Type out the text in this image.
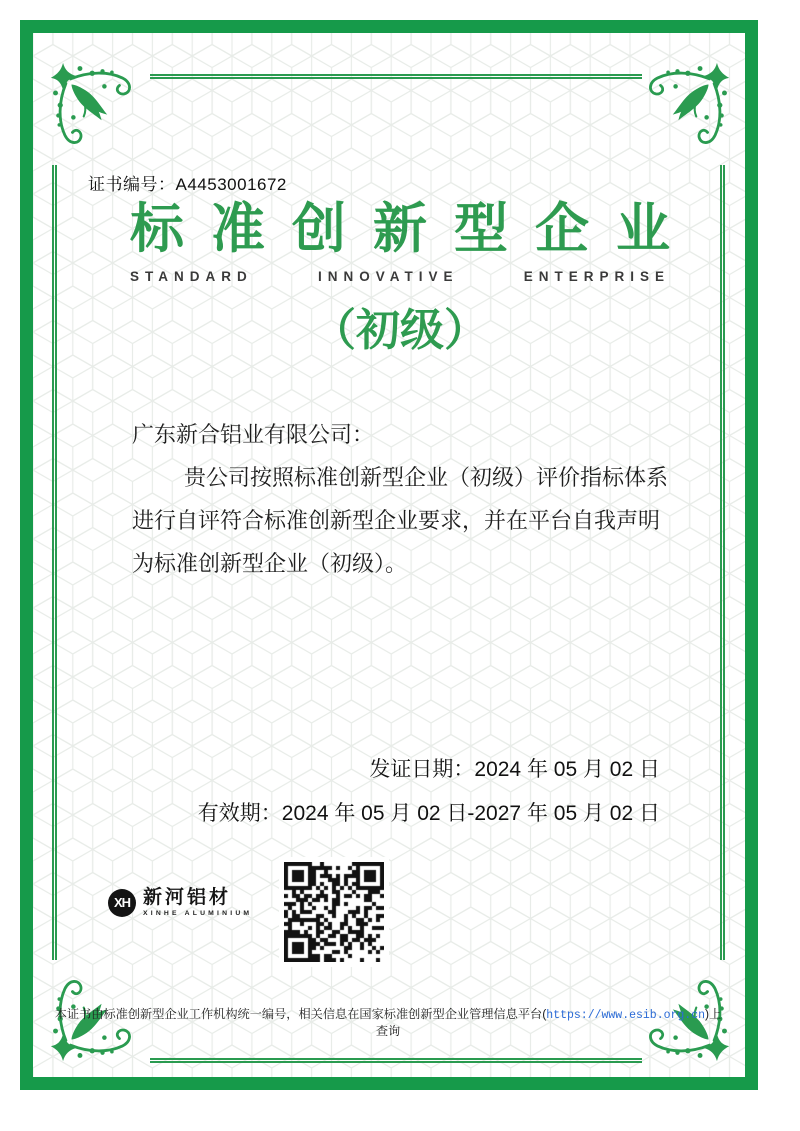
证书编号：A4453001672
标 准 创 新 型 企 业
STANDARD	INNOVATIVE	ENTERPRISE
（初级）
广东新合铝业有限公司：
贵公司按照标准创新型企业（初级）评价指标体系
进行自评符合标准创新型企业要求，并在平台自我声明
为标准创新型企业（初级）。
发证日期：2024 年 05 月 02 日
有效期：2024 年 05 月 02 日-2027 年 05 月 02 日
XH 新河铝材
XINHE ALUMINIUM
本证书由标准创新型企业工作机构统一编号，相关信息在国家标准创新型企业管理信息平台(https://www.esib.org.cn)上查询
